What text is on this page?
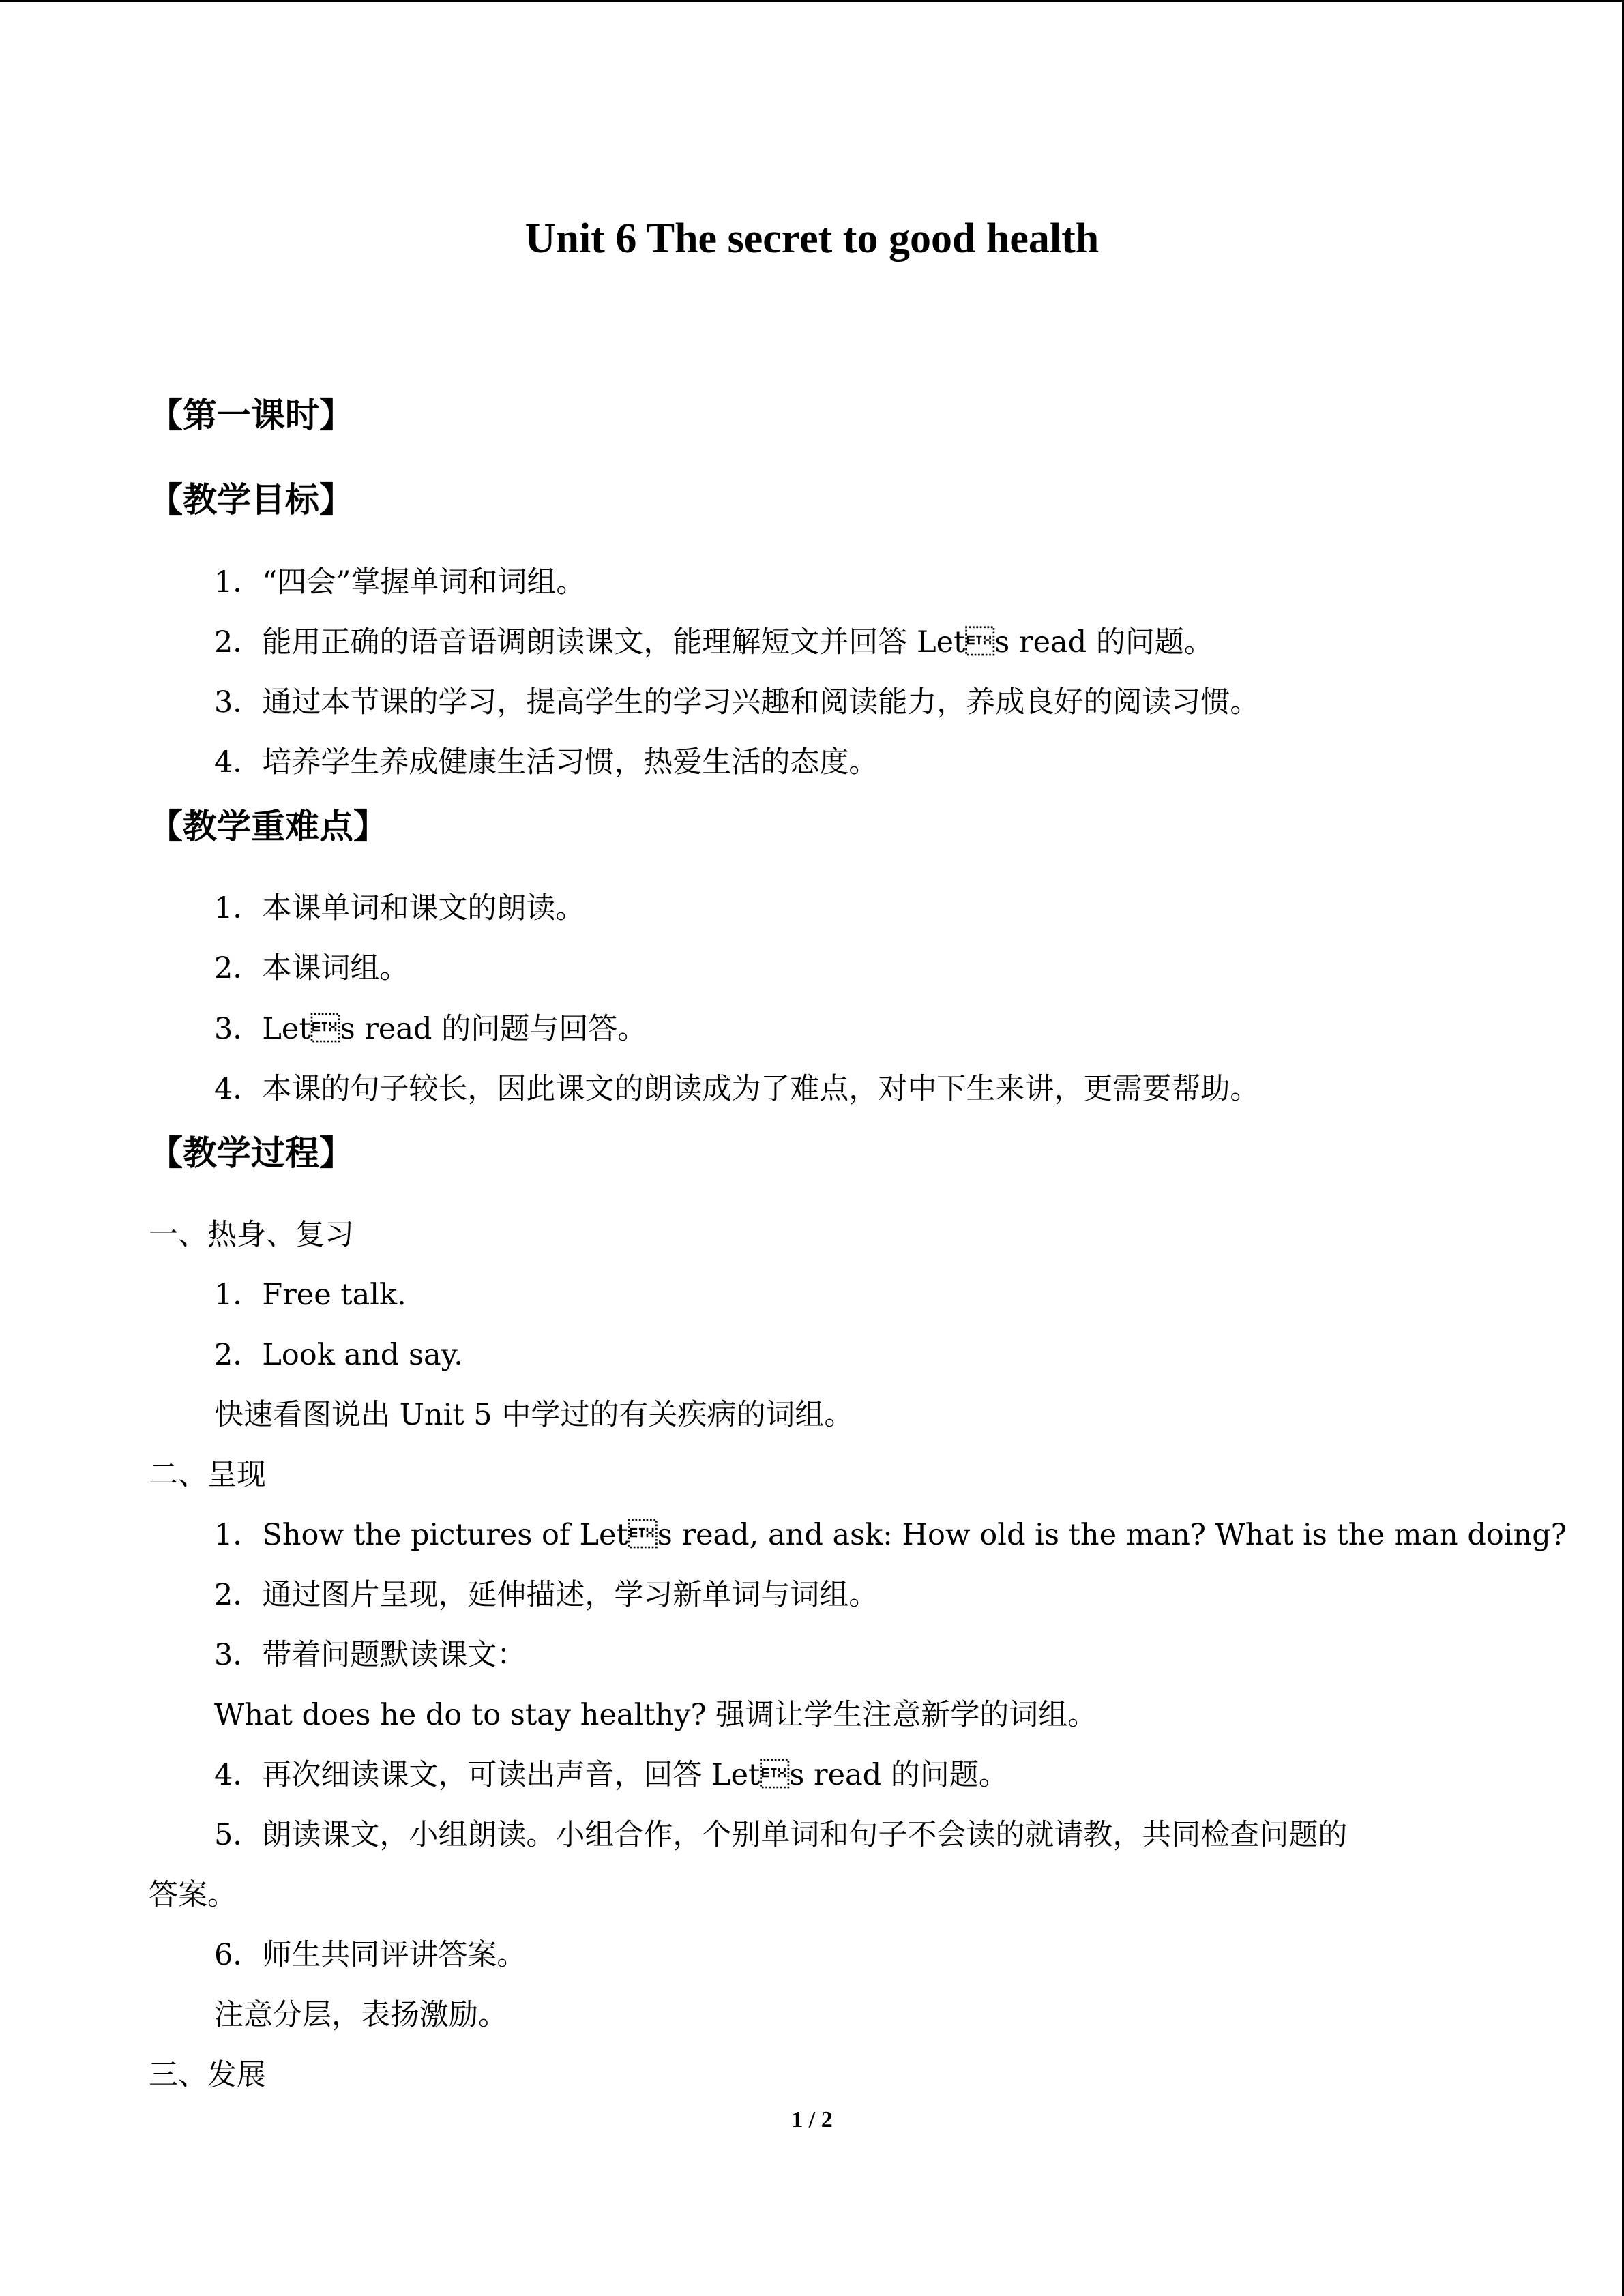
Unit 6 The secret to good health
【第一课时】
【教学目标】
1．“四会”掌握单词和词组。
2．能用正确的语音语调朗读课文，能理解短文并回答 Lets read 的问题。
3．通过本节课的学习，提高学生的学习兴趣和阅读能力，养成良好的阅读习惯。
4．培养学生养成健康生活习惯，热爱生活的态度。
【教学重难点】
1．本课单词和课文的朗读。
2．本课词组。
3．Lets read 的问题与回答。
4．本课的句子较长，因此课文的朗读成为了难点，对中下生来讲，更需要帮助。
【教学过程】
一、热身、复习
1．Free talk.
2．Look and say.
快速看图说出 Unit 5 中学过的有关疾病的词组。
二、呈现
1．Show the pictures of Lets read, and ask: How old is the man? What is the man doing?
2．通过图片呈现，延伸描述，学习新单词与词组。
3．带着问题默读课文：
What does he do to stay healthy? 强调让学生注意新学的词组。
4．再次细读课文，可读出声音，回答 Lets read 的问题。
5．朗读课文，小组朗读。小组合作，个别单词和句子不会读的就请教，共同检查问题的
答案。
6．师生共同评讲答案。
注意分层，表扬激励。
三、发展
1 / 2
